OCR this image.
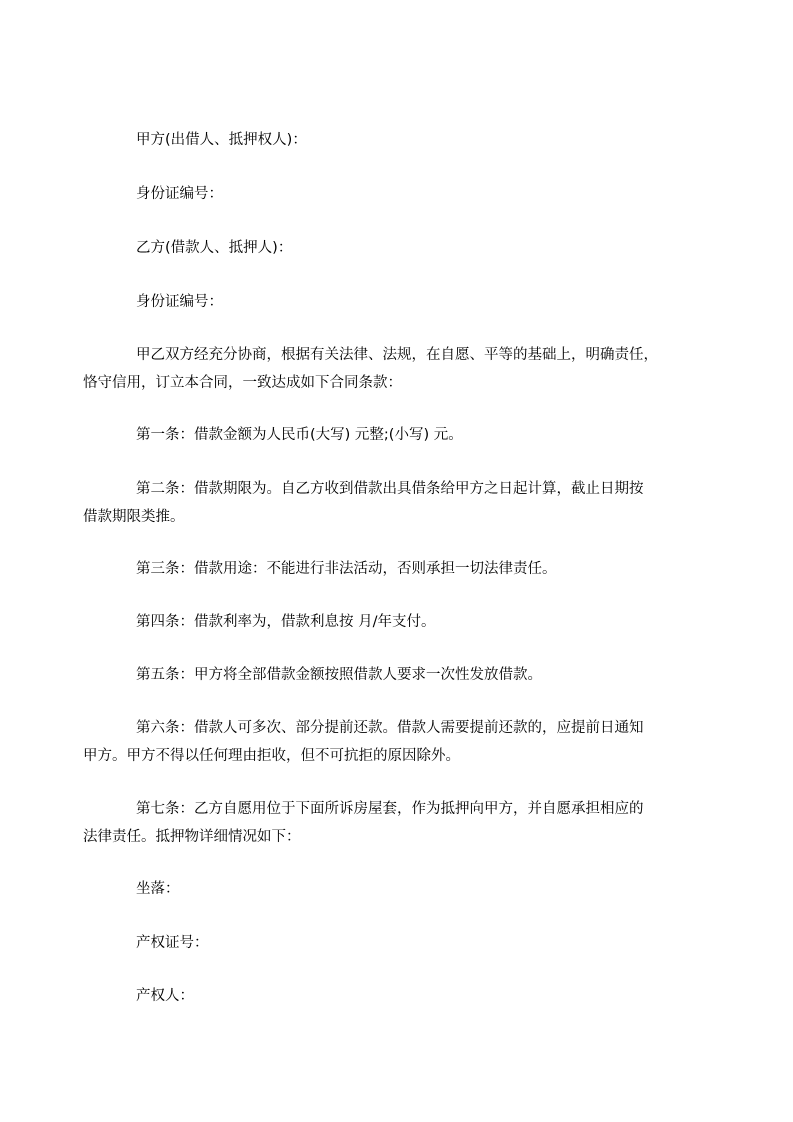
甲方(出借人、抵押权人)：

身份证编号：

乙方(借款人、抵押人)：

身份证编号：

甲乙双方经充分协商，根据有关法律、法规，在自愿、平等的基础上，明确责任，
恪守信用，订立本合同，一致达成如下合同条款：

第一条：借款金额为人民币(大写) 元整;(小写) 元。

第二条：借款期限为。自乙方收到借款出具借条给甲方之日起计算，截止日期按
借款期限类推。

第三条：借款用途：不能进行非法活动，否则承担一切法律责任。

第四条：借款利率为，借款利息按 月/年支付。

第五条：甲方将全部借款金额按照借款人要求一次性发放借款。

第六条：借款人可多次、部分提前还款。借款人需要提前还款的，应提前日通知
甲方。甲方不得以任何理由拒收，但不可抗拒的原因除外。
第七条：乙方自愿用位于下面所诉房屋套，作为抵押向甲方，并自愿承担相应的
法律责任。抵押物详细情况如下：

坐落：

产权证号：

产权人：
